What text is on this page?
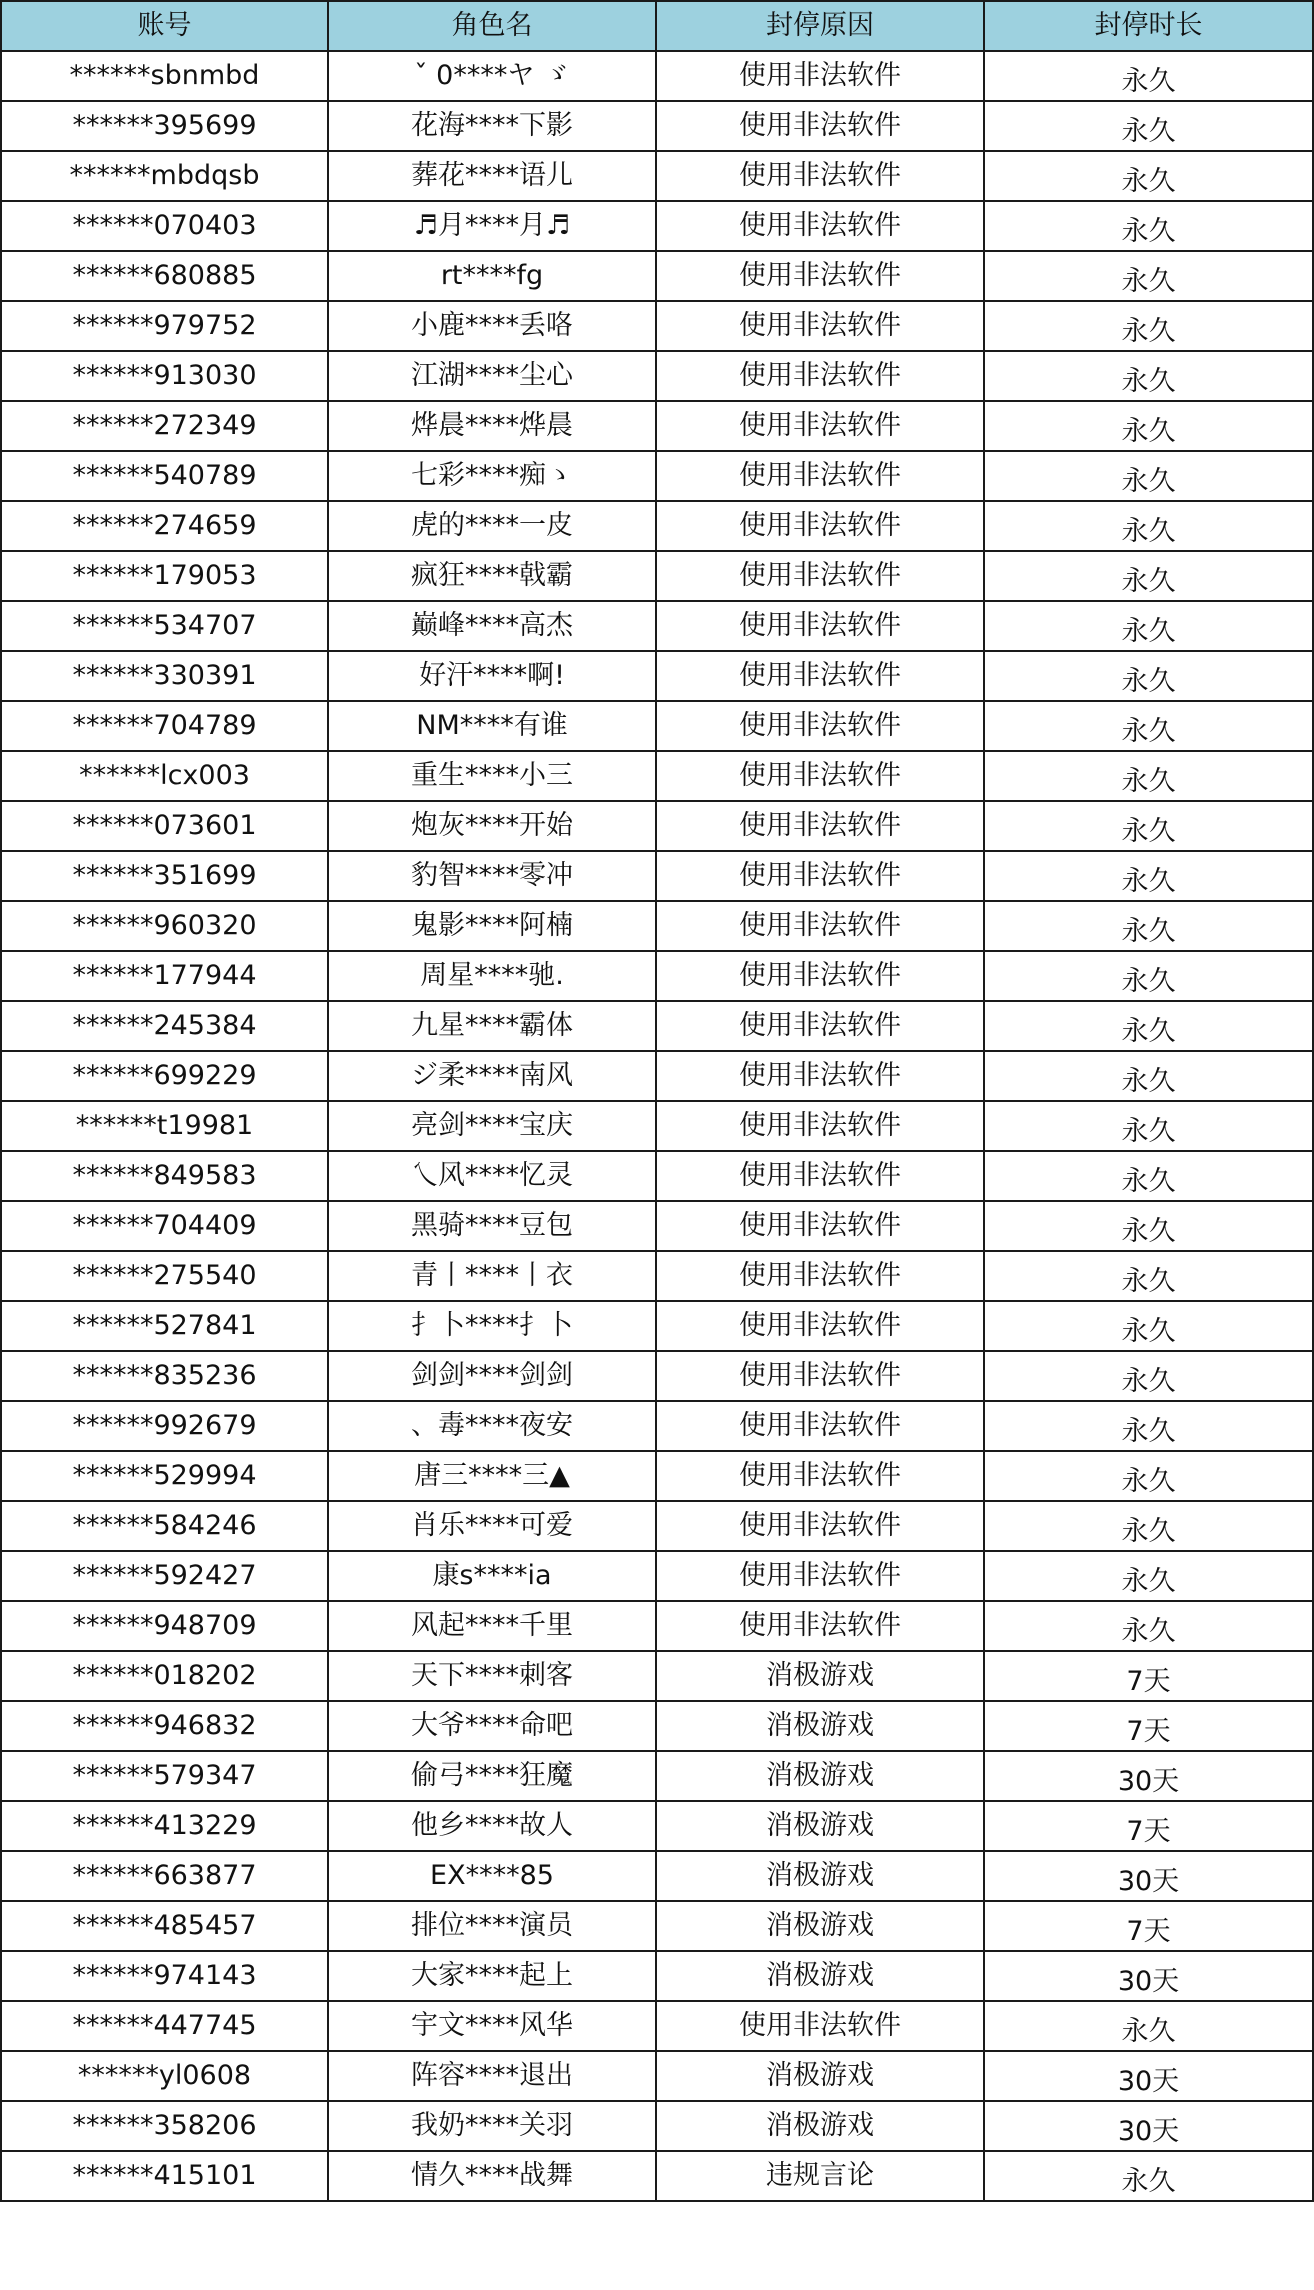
账号	角色名	封停原因	封停时长
******sbnmbd	ˇ 0****ヤ ゞ	使用非法软件	永久
******395699	花海****下影	使用非法软件	永久
******mbdqsb	葬花****语儿	使用非法软件	永久
******070403	♬月****月♬	使用非法软件	永久
******680885	rt****fg	使用非法软件	永久
******979752	小鹿****丢咯	使用非法软件	永久
******913030	江湖****尘心	使用非法软件	永久
******272349	烨晨****烨晨	使用非法软件	永久
******540789	七彩****痴ゝ	使用非法软件	永久
******274659	虎的****一皮	使用非法软件	永久
******179053	疯狂****戟霸	使用非法软件	永久
******534707	巅峰****高杰	使用非法软件	永久
******330391	好汗****啊!	使用非法软件	永久
******704789	NM****有谁	使用非法软件	永久
******lcx003	重生****小三	使用非法软件	永久
******073601	炮灰****开始	使用非法软件	永久
******351699	豹智****零冲	使用非法软件	永久
******960320	鬼影****阿楠	使用非法软件	永久
******177944	周星****驰.	使用非法软件	永久
******245384	九星****霸体	使用非法软件	永久
******699229	ジ柔****南风	使用非法软件	永久
******t19981	亮剑****宝庆	使用非法软件	永久
******849583	乀风****忆灵	使用非法软件	永久
******704409	黑骑****豆包	使用非法软件	永久
******275540	青丨****丨衣	使用非法软件	永久
******527841	扌卜****扌卜	使用非法软件	永久
******835236	剑剑****剑剑	使用非法软件	永久
******992679	、毒****夜安	使用非法软件	永久
******529994	唐三****三▲	使用非法软件	永久
******584246	肖乐****可爱	使用非法软件	永久
******592427	康s****ia	使用非法软件	永久
******948709	风起****千里	使用非法软件	永久
******018202	天下****刺客	消极游戏	7天
******946832	大爷****命吧	消极游戏	7天
******579347	偷弓****狂魔	消极游戏	30天
******413229	他乡****故人	消极游戏	7天
******663877	EX****85	消极游戏	30天
******485457	排位****演员	消极游戏	7天
******974143	大家****起上	消极游戏	30天
******447745	宇文****风华	使用非法软件	永久
******yl0608	阵容****退出	消极游戏	30天
******358206	我奶****关羽	消极游戏	30天
******415101	情久****战舞	违规言论	永久
